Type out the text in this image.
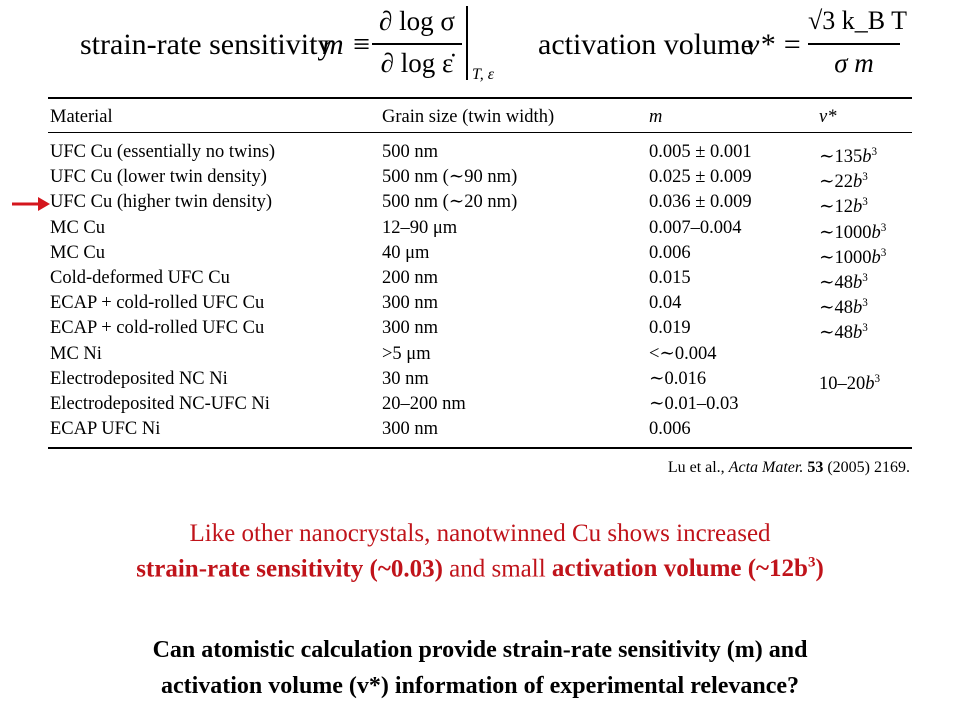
strain-rate sensitivity
m ≡
∂ log σ
∂ log ε̇	T, ε
activation volume
v* =
√3 k_B T
σ m
Material	Grain size (twin width)	m	v*
UFC Cu (essentially no twins)	500 nm	0.005 ± 0.001	$\sim 135b^3$
UFC Cu (lower twin density)	500 nm (∼90 nm)	0.025 ± 0.009	$\sim 22b^3$
UFC Cu (higher twin density)	500 nm (∼20 nm)	0.036 ± 0.009	$\sim 12b^3$
MC Cu	12–90 μm	0.007–0.004	$\sim 1000b^3$
MC Cu	40 μm	0.006	$\sim 1000b^3$
Cold-deformed UFC Cu	200 nm	0.015	$\sim 48b^3$
ECAP + cold-rolled UFC Cu	300 nm	0.04	$\sim 48b^3$
ECAP + cold-rolled UFC Cu	300 nm	0.019	$\sim 48b^3$
MC Ni	>5 μm	<∼0.004
Electrodeposited NC Ni	30 nm	∼0.016	$10-20b^3$
Electrodeposited NC-UFC Ni	20–200 nm	∼0.01–0.03
ECAP UFC Ni	300 nm	0.006
Lu et al., Acta Mater. 53 (2005) 2169.
Like other nanocrystals, nanotwinned Cu shows increased
strain-rate sensitivity (~0.03) and small activation volume $(\sim 12b^3)$
Can atomistic calculation provide strain-rate sensitivity (m) and
activation volume (v*) information of experimental relevance?
